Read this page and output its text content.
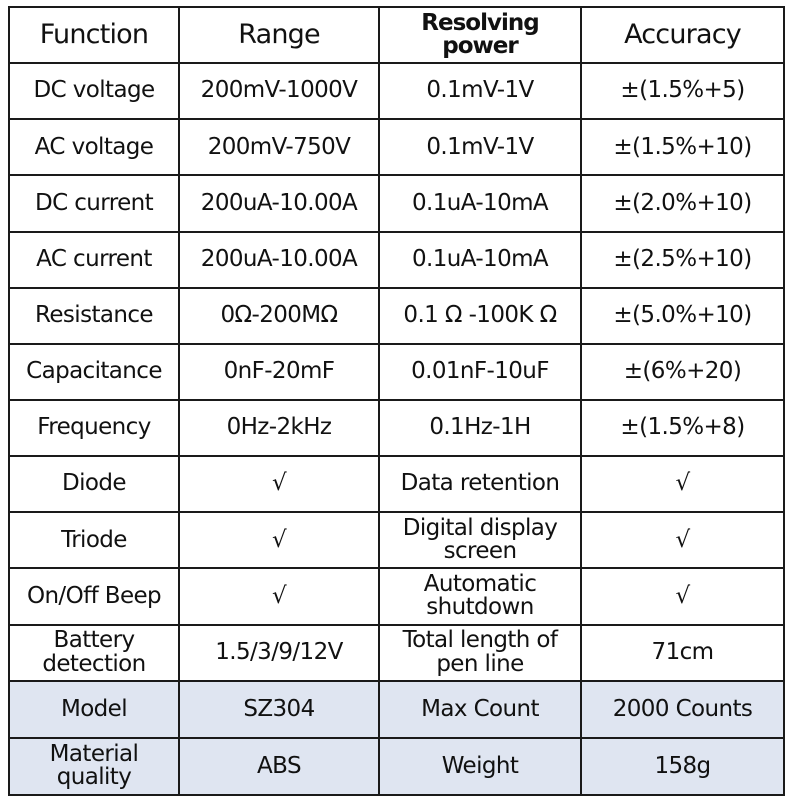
Function	Range	Resolving power	Accuracy
DC voltage	200mV-1000V	0.1mV-1V	±(1.5%+5)
AC voltage	200mV-750V	0.1mV-1V	±(1.5%+10)
DC current	200uA-10.00A	0.1uA-10mA	±(2.0%+10)
AC current	200uA-10.00A	0.1uA-10mA	±(2.5%+10)
Resistance	0Ω-200MΩ	0.1 Ω -100K Ω	±(5.0%+10)
Capacitance	0nF-20mF	0.01nF-10uF	±(6%+20)
Frequency	0Hz-2kHz	0.1Hz-1H	±(1.5%+8)
Diode	√	Data retention	√
Triode	√	Digital display screen	√
On/Off Beep	√	Automatic shutdown	√
Battery detection	1.5/3/9/12V	Total length of pen line	71cm
Model	SZ304	Max Count	2000 Counts
Material quality	ABS	Weight	158g
